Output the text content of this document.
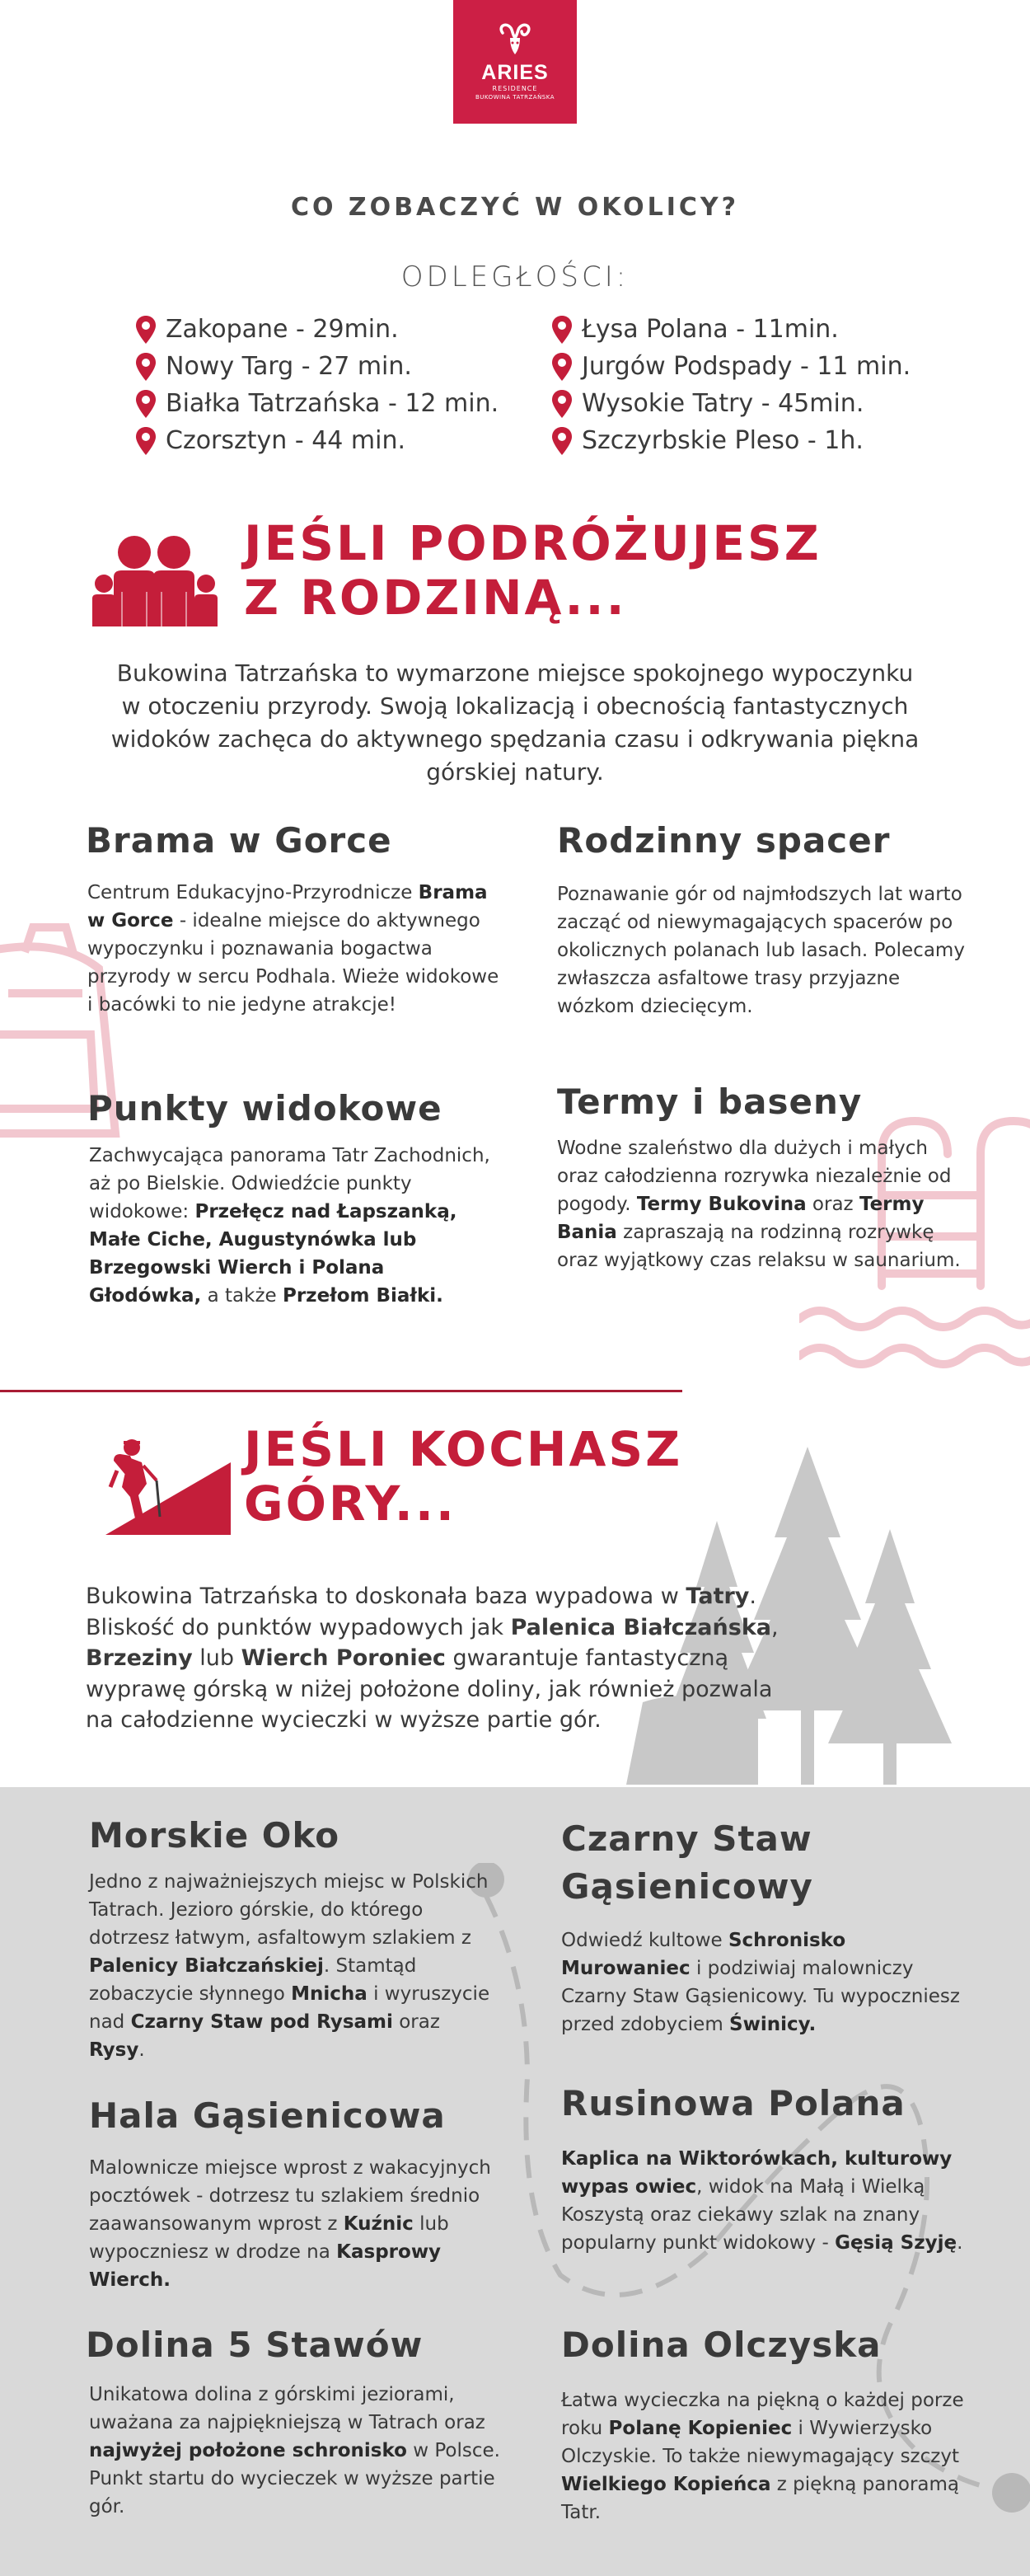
ARIES
RESIDENCE
BUKOWINA TATRZAŃSKA
CO ZOBACZYĆ W OKOLICY?
ODLEGŁOŚCI:
Zakopane - 29min.
Nowy Targ - 27 min.
Białka Tatrzańska - 12 min.
Czorsztyn - 44 min.
Łysa Polana - 11min.
Jurgów Podspady - 11 min.
Wysokie Tatry - 45min.
Szczyrbskie Pleso - 1h.
JEŚLI PODRÓŻUJESZ
Z RODZINĄ...
Bukowina Tatrzańska to wymarzone miejsce spokojnego wypoczynku
w otoczeniu przyrody. Swoją lokalizacją i obecnością fantastycznych
widoków zachęca do aktywnego spędzania czasu i odkrywania piękna
górskiej natury.
Brama w Gorce
Centrum Edukacyjno-Przyrodnicze Brama w Gorce - idealne miejsce do aktywnego wypoczynku i poznawania bogactwa przyrody w sercu Podhala. Wieże widokowe i bacówki to nie jedyne atrakcje!
Rodzinny spacer
Poznawanie gór od najmłodszych lat warto zacząć od niewymagających spacerów po okolicznych polanach lub lasach. Polecamy zwłaszcza asfaltowe trasy przyjazne wózkom dziecięcym.
Punkty widokowe
Zachwycająca panorama Tatr Zachodnich, aż po Bielskie. Odwiedźcie punkty widokowe: Przełęcz nad Łapszanką, Małe Ciche, Augustynówka lub Brzegowski Wierch i Polana Głodówka, a także Przełom Białki.
Termy i baseny
Wodne szaleństwo dla dużych i małych oraz całodzienna rozrywka niezależnie od pogody. Termy Bukovina oraz Termy Bania zapraszają na rodzinną rozrywkę oraz wyjątkowy czas relaksu w saunarium.
JEŚLI KOCHASZ
GÓRY...
Bukowina Tatrzańska to doskonała baza wypadowa w Tatry. Bliskość do punktów wypadowych jak Palenica Białczańska, Brzeziny lub Wierch Poroniec gwarantuje fantastyczną wyprawę górską w niżej położone doliny, jak również pozwala na całodzienne wycieczki w wyższe partie gór.
Morskie Oko
Jedno z najważniejszych miejsc w Polskich Tatrach. Jezioro górskie, do którego dotrzesz łatwym, asfaltowym szlakiem z Palenicy Białczańskiej. Stamtąd zobaczycie słynnego Mnicha i wyruszycie nad Czarny Staw pod Rysami oraz Rysy.
Czarny Staw
Gąsienicowy
Odwiedź kultowe Schronisko Murowaniec i podziwiaj malowniczy Czarny Staw Gąsienicowy. Tu wypoczniesz przed zdobyciem Świnicy.
Hala Gąsienicowa
Malownicze miejsce wprost z wakacyjnych pocztówek - dotrzesz tu szlakiem średnio zaawansowanym wprost z Kuźnic lub wypoczniesz w drodze na Kasprowy Wierch.
Rusinowa Polana
Kaplica na Wiktorówkach, kulturowy wypas owiec, widok na Małą i Wielką Koszystą oraz ciekawy szlak na znany popularny punkt widokowy - Gęsią Szyję.
Dolina 5 Stawów
Unikatowa dolina z górskimi jeziorami, uważana za najpiękniejszą w Tatrach oraz najwyżej położone schronisko w Polsce. Punkt startu do wycieczek w wyższe partie gór.
Dolina Olczyska
Łatwa wycieczka na piękną o każdej porze roku Polanę Kopieniec i Wywierzysko Olczyskie. To także niewymagający szczyt Wielkiego Kopieńca z piękną panoramą Tatr.
